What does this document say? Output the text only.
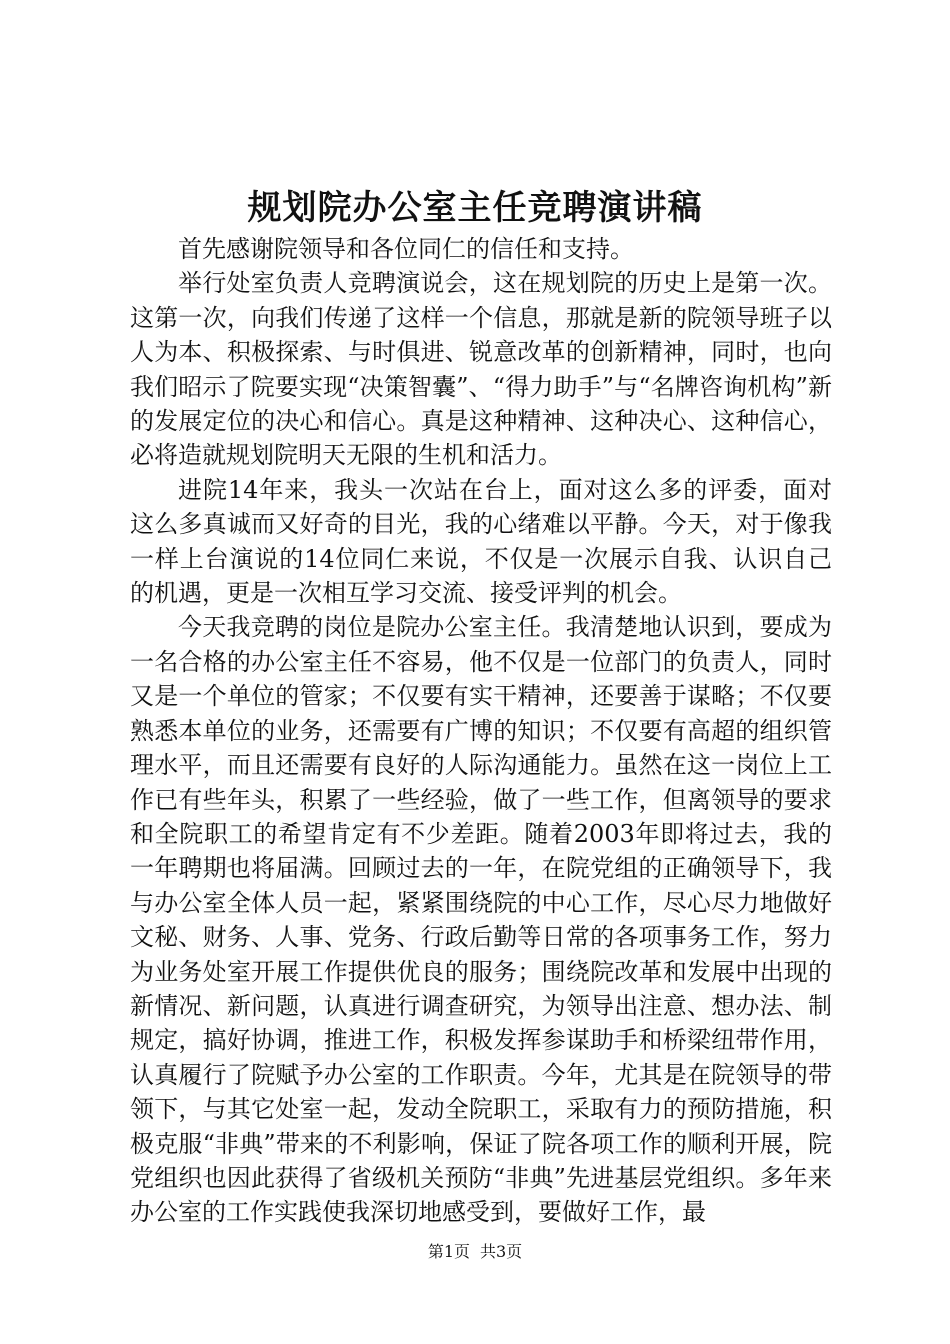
规划院办公室主任竞聘演讲稿

首先感谢院领导和各位同仁的信任和支持。

举行处室负责人竞聘演说会，这在规划院的历史上是第一次。这第一次，向我们传递了这样一个信息，那就是新的院领导班子以人为本、积极探索、与时俱进、锐意改革的创新精神，同时，也向我们昭示了院要实现“决策智囊”、“得力助手”与“名牌咨询机构”新的发展定位的决心和信心。真是这种精神、这种决心、这种信心，必将造就规划院明天无限的生机和活力。

进院14年来，我头一次站在台上，面对这么多的评委，面对这么多真诚而又好奇的目光，我的心绪难以平静。今天，对于像我一样上台演说的14位同仁来说，不仅是一次展示自我、认识自己的机遇，更是一次相互学习交流、接受评判的机会。

今天我竞聘的岗位是院办公室主任。我清楚地认识到，要成为一名合格的办公室主任不容易，他不仅是一位部门的负责人，同时又是一个单位的管家；不仅要有实干精神，还要善于谋略；不仅要熟悉本单位的业务，还需要有广博的知识；不仅要有高超的组织管理水平，而且还需要有良好的人际沟通能力。虽然在这一岗位上工作已有些年头，积累了一些经验，做了一些工作，但离领导的要求和全院职工的希望肯定有不少差距。随着2003年即将过去，我的一年聘期也将届满。回顾过去的一年，在院党组的正确领导下，我与办公室全体人员一起，紧紧围绕院的中心工作，尽心尽力地做好文秘、财务、人事、党务、行政后勤等日常的各项事务工作，努力为业务处室开展工作提供优良的服务；围绕院改革和发展中出现的新情况、新问题，认真进行调查研究，为领导出注意、想办法、制规定，搞好协调，推进工作，积极发挥参谋助手和桥梁纽带作用，认真履行了院赋予办公室的工作职责。今年，尤其是在院领导的带领下，与其它处室一起，发动全院职工，采取有力的预防措施，积极克服“非典”带来的不利影响，保证了院各项工作的顺利开展，院党组织也因此获得了省级机关预防“非典”先进基层党组织。多年来办公室的工作实践使我深切地感受到，要做好工作，最

第1页 共3页
